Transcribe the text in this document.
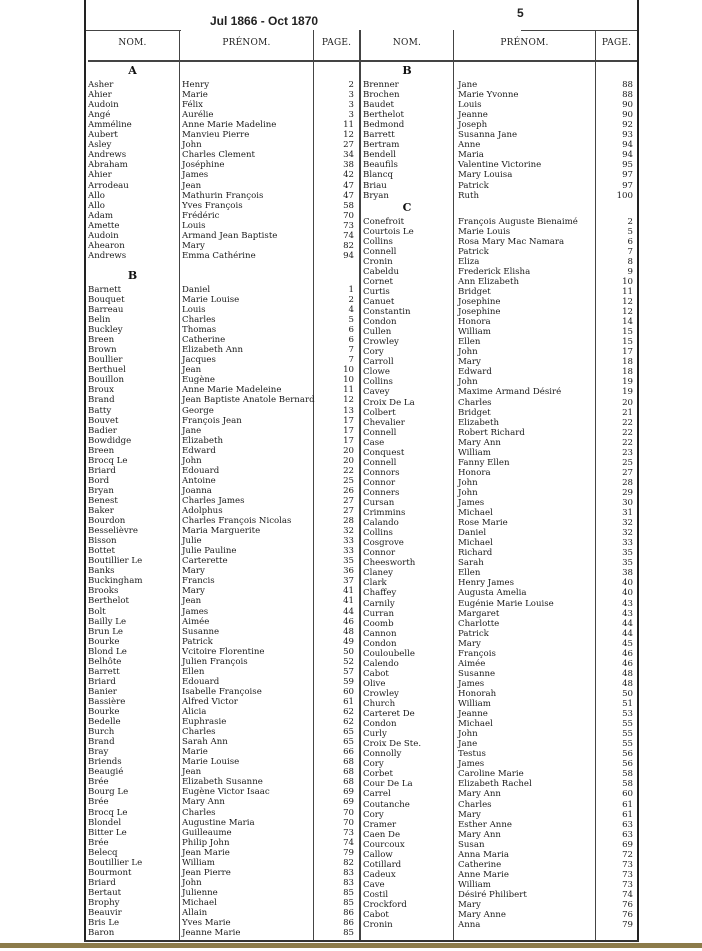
Jul 1866 - Oct 1870
5
NOM.	PRÉNOM.	PAGE.	NOM.	PRÉNOM.	PAGE.
A
Asher	Henry	2
Ahier	Marie	3
Audoin	Félix	3
Angé	Aurélie	3
Amméline	Anne Marie Madeline	11
Aubert	Manvieu Pierre	12
Asley	John	27
Andrews	Charles Clement	34
Abraham	Joséphine	38
Ahier	James	42
Arrodeau	Jean	47
Allo	Mathurin François	47
Allo	Yves François	58
Adam	Frédéric	70
Amette	Louis	73
Audoin	Armand Jean Baptiste	74
Ahearon	Mary	82
Andrews	Emma Cathérine	94
B
Barnett	Daniel	1
Bouquet	Marie Louise	2
Barreau	Louis	4
Belin	Charles	5
Buckley	Thomas	6
Breen	Catherine	6
Brown	Elizabeth Ann	7
Boullier	Jacques	7
Berthuel	Jean	10
Bouillon	Eugène	10
Broux	Anne Marie Madeleine	11
Brand	Jean Baptiste Anatole Bernard	12
Batty	George	13
Bouvet	François Jean	17
Badier	Jane	17
Bowdidge	Elizabeth	17
Breen	Edward	20
Brocq Le	John	20
Briard	Edouard	22
Bord	Antoine	25
Bryan	Joanna	26
Benest	Charles James	27
Baker	Adolphus	27
Bourdon	Charles François Nicolas	28
Besselièvre	Maria Marguerite	32
Bisson	Julie	33
Bottet	Julie Pauline	33
Boutillier Le	Carterette	35
Banks	Mary	36
Buckingham	Francis	37
Brooks	Mary	41
Berthelot	Jean	41
Bolt	James	44
Bailly Le	Aimée	46
Brun Le	Susanne	48
Bourke	Patrick	49
Blond Le	Vcitoire Florentine	50
Belhôte	Julien François	52
Barrett	Ellen	57
Briard	Edouard	59
Banier	Isabelle Françoise	60
Bassière	Alfred Victor	61
Bourke	Alicia	62
Bedelle	Euphrasie	62
Burch	Charles	65
Brand	Sarah Ann	65
Bray	Marie	66
Briends	Marie Louise	68
Beaugié	Jean	68
Brée	Elizabeth Susanne	68
Bourg Le	Eugène Victor Isaac	69
Brée	Mary Ann	69
Brocq Le	Charles	70
Blondel	Augustine Maria	70
Bitter Le	Guilleaume	73
Brée	Philip John	74
Belecq	Jean Marie	79
Boutillier Le	William	82
Bourmont	Jean Pierre	83
Briard	John	83
Bertaut	Julienne	85
Brophy	Michael	85
Beauvir	Allain	86
Bris Le	Yves Marie	86
Baron	Jeanne Marie	85
B
Brenner	Jane	88
Brochen	Marie Yvonne	88
Baudet	Louis	90
Berthelot	Jeanne	90
Bedmond	Joseph	92
Barrett	Susanna Jane	93
Bertram	Anne	94
Bendell	Maria	94
Beaufils	Valentine Victorine	95
Blancq	Mary Louisa	97
Briau	Patrick	97
Bryan	Ruth	100
C
Conefroit	François Auguste Bienaimé	2
Courtois Le	Marie Louis	5
Collins	Rosa Mary Mac Namara	6
Connell	Patrick	7
Cronin	Eliza	8
Cabeldu	Frederick Elisha	9
Cornet	Ann Elizabeth	10
Curtis	Bridget	11
Canuet	Josephine	12
Constantin	Josephine	12
Condon	Honora	14
Cullen	William	15
Crowley	Ellen	15
Cory	John	17
Carroll	Mary	18
Clowe	Edward	18
Collins	John	19
Cavey	Maxime Armand Désiré	19
Croix De La	Charles	20
Colbert	Bridget	21
Chevalier	Elizabeth	22
Connell	Robert Richard	22
Case	Mary Ann	22
Conquest	William	23
Connell	Fanny Ellen	25
Connors	Honora	27
Connor	John	28
Conners	John	29
Cursan	James	30
Crimmins	Michael	31
Calando	Rose Marie	32
Collins	Daniel	32
Cosgrove	Michael	33
Connor	Richard	35
Cheesworth	Sarah	35
Claney	Ellen	38
Clark	Henry James	40
Chaffey	Augusta Amelia	40
Carnily	Eugénie Marie Louise	43
Curran	Margaret	43
Coomb	Charlotte	44
Cannon	Patrick	44
Condon	Mary	45
Couloubelle	François	46
Calendo	Aimée	46
Cabot	Susanne	48
Olive	James	48
Crowley	Honorah	50
Church	William	51
Carteret De	Jeanne	53
Condon	Michael	55
Curly	John	55
Croix De Ste.	Jane	55
Connolly	Testus	56
Cory	James	56
Corbet	Caroline Marie	58
Cour De La	Elizabeth Rachel	58
Carrel	Mary Ann	60
Coutanche	Charles	61
Cory	Mary	61
Cramer	Esther Anne	63
Caen De	Mary Ann	63
Courcoux	Susan	69
Callow	Anna Maria	72
Cotillard	Catherine	73
Cadeux	Anne Marie	73
Cave	William	73
Costil	Désiré Philibert	74
Crockford	Mary	76
Cabot	Mary Anne	76
Cronin	Anna	79
